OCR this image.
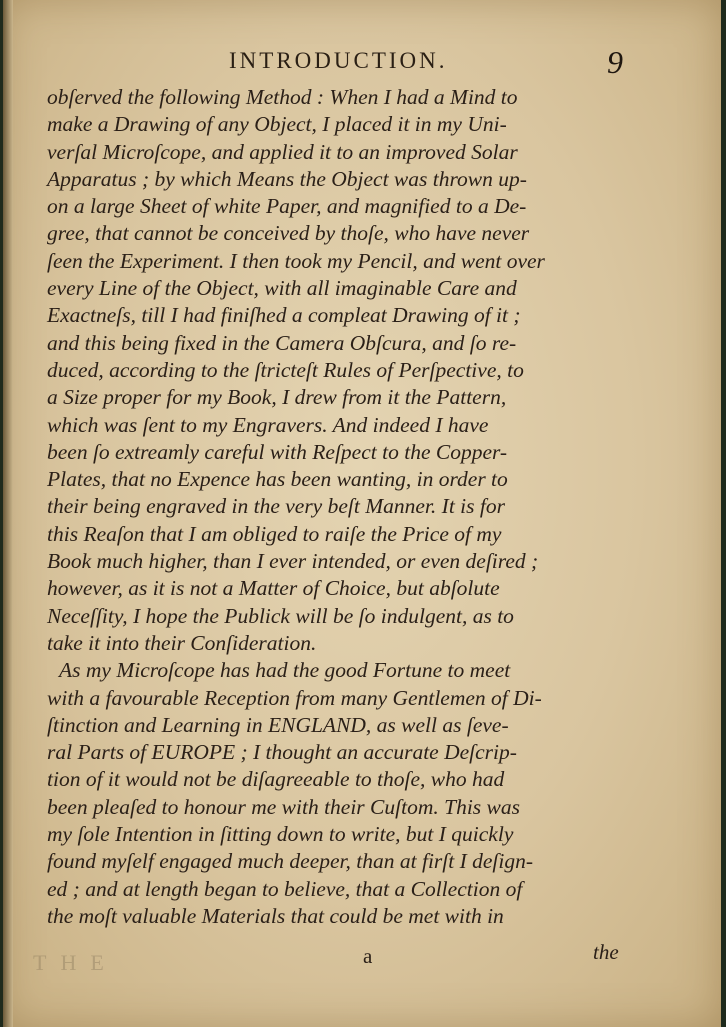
INTRODUCTION.	9
obſerved the following Method : When I had a Mind to
make a Drawing of any Object, I placed it in my Uni-
verſal Microſcope, and applied it to an improved Solar
Apparatus ; by which Means the Object was thrown up-
on a large Sheet of white Paper, and magnified to a De-
gree, that cannot be conceived by thoſe, who have never
ſeen the Experiment. I then took my Pencil, and went over
every Line of the Object, with all imaginable Care and
Exactneſs, till I had finiſhed a compleat Drawing of it ;
and this being fixed in the Camera Obſcura, and ſo re-
duced, according to the ſtricteſt Rules of Perſpective, to
a Size proper for my Book, I drew from it the Pattern,
which was ſent to my Engravers. And indeed I have
been ſo extreamly careful with Reſpect to the Copper-
Plates, that no Expence has been wanting, in order to
their being engraved in the very beſt Manner. It is for
this Reaſon that I am obliged to raiſe the Price of my
Book much higher, than I ever intended, or even deſired ;
however, as it is not a Matter of Choice, but abſolute
Neceſſity, I hope the Publick will be ſo indulgent, as to
take it into their Conſideration.
As my Microſcope has had the good Fortune to meet
with a favourable Reception from many Gentlemen of Di-
ſtinction and Learning in ENGLAND, as well as ſeve-
ral Parts of EUROPE ; I thought an accurate Deſcrip-
tion of it would not be diſagreeable to thoſe, who had
been pleaſed to honour me with their Cuſtom. This was
my ſole Intention in ſitting down to write, but I quickly
found myſelf engaged much deeper, than at firſt I deſign-
ed ; and at length began to believe, that a Collection of
the moſt valuable Materials that could be met with in
THE	a	the
